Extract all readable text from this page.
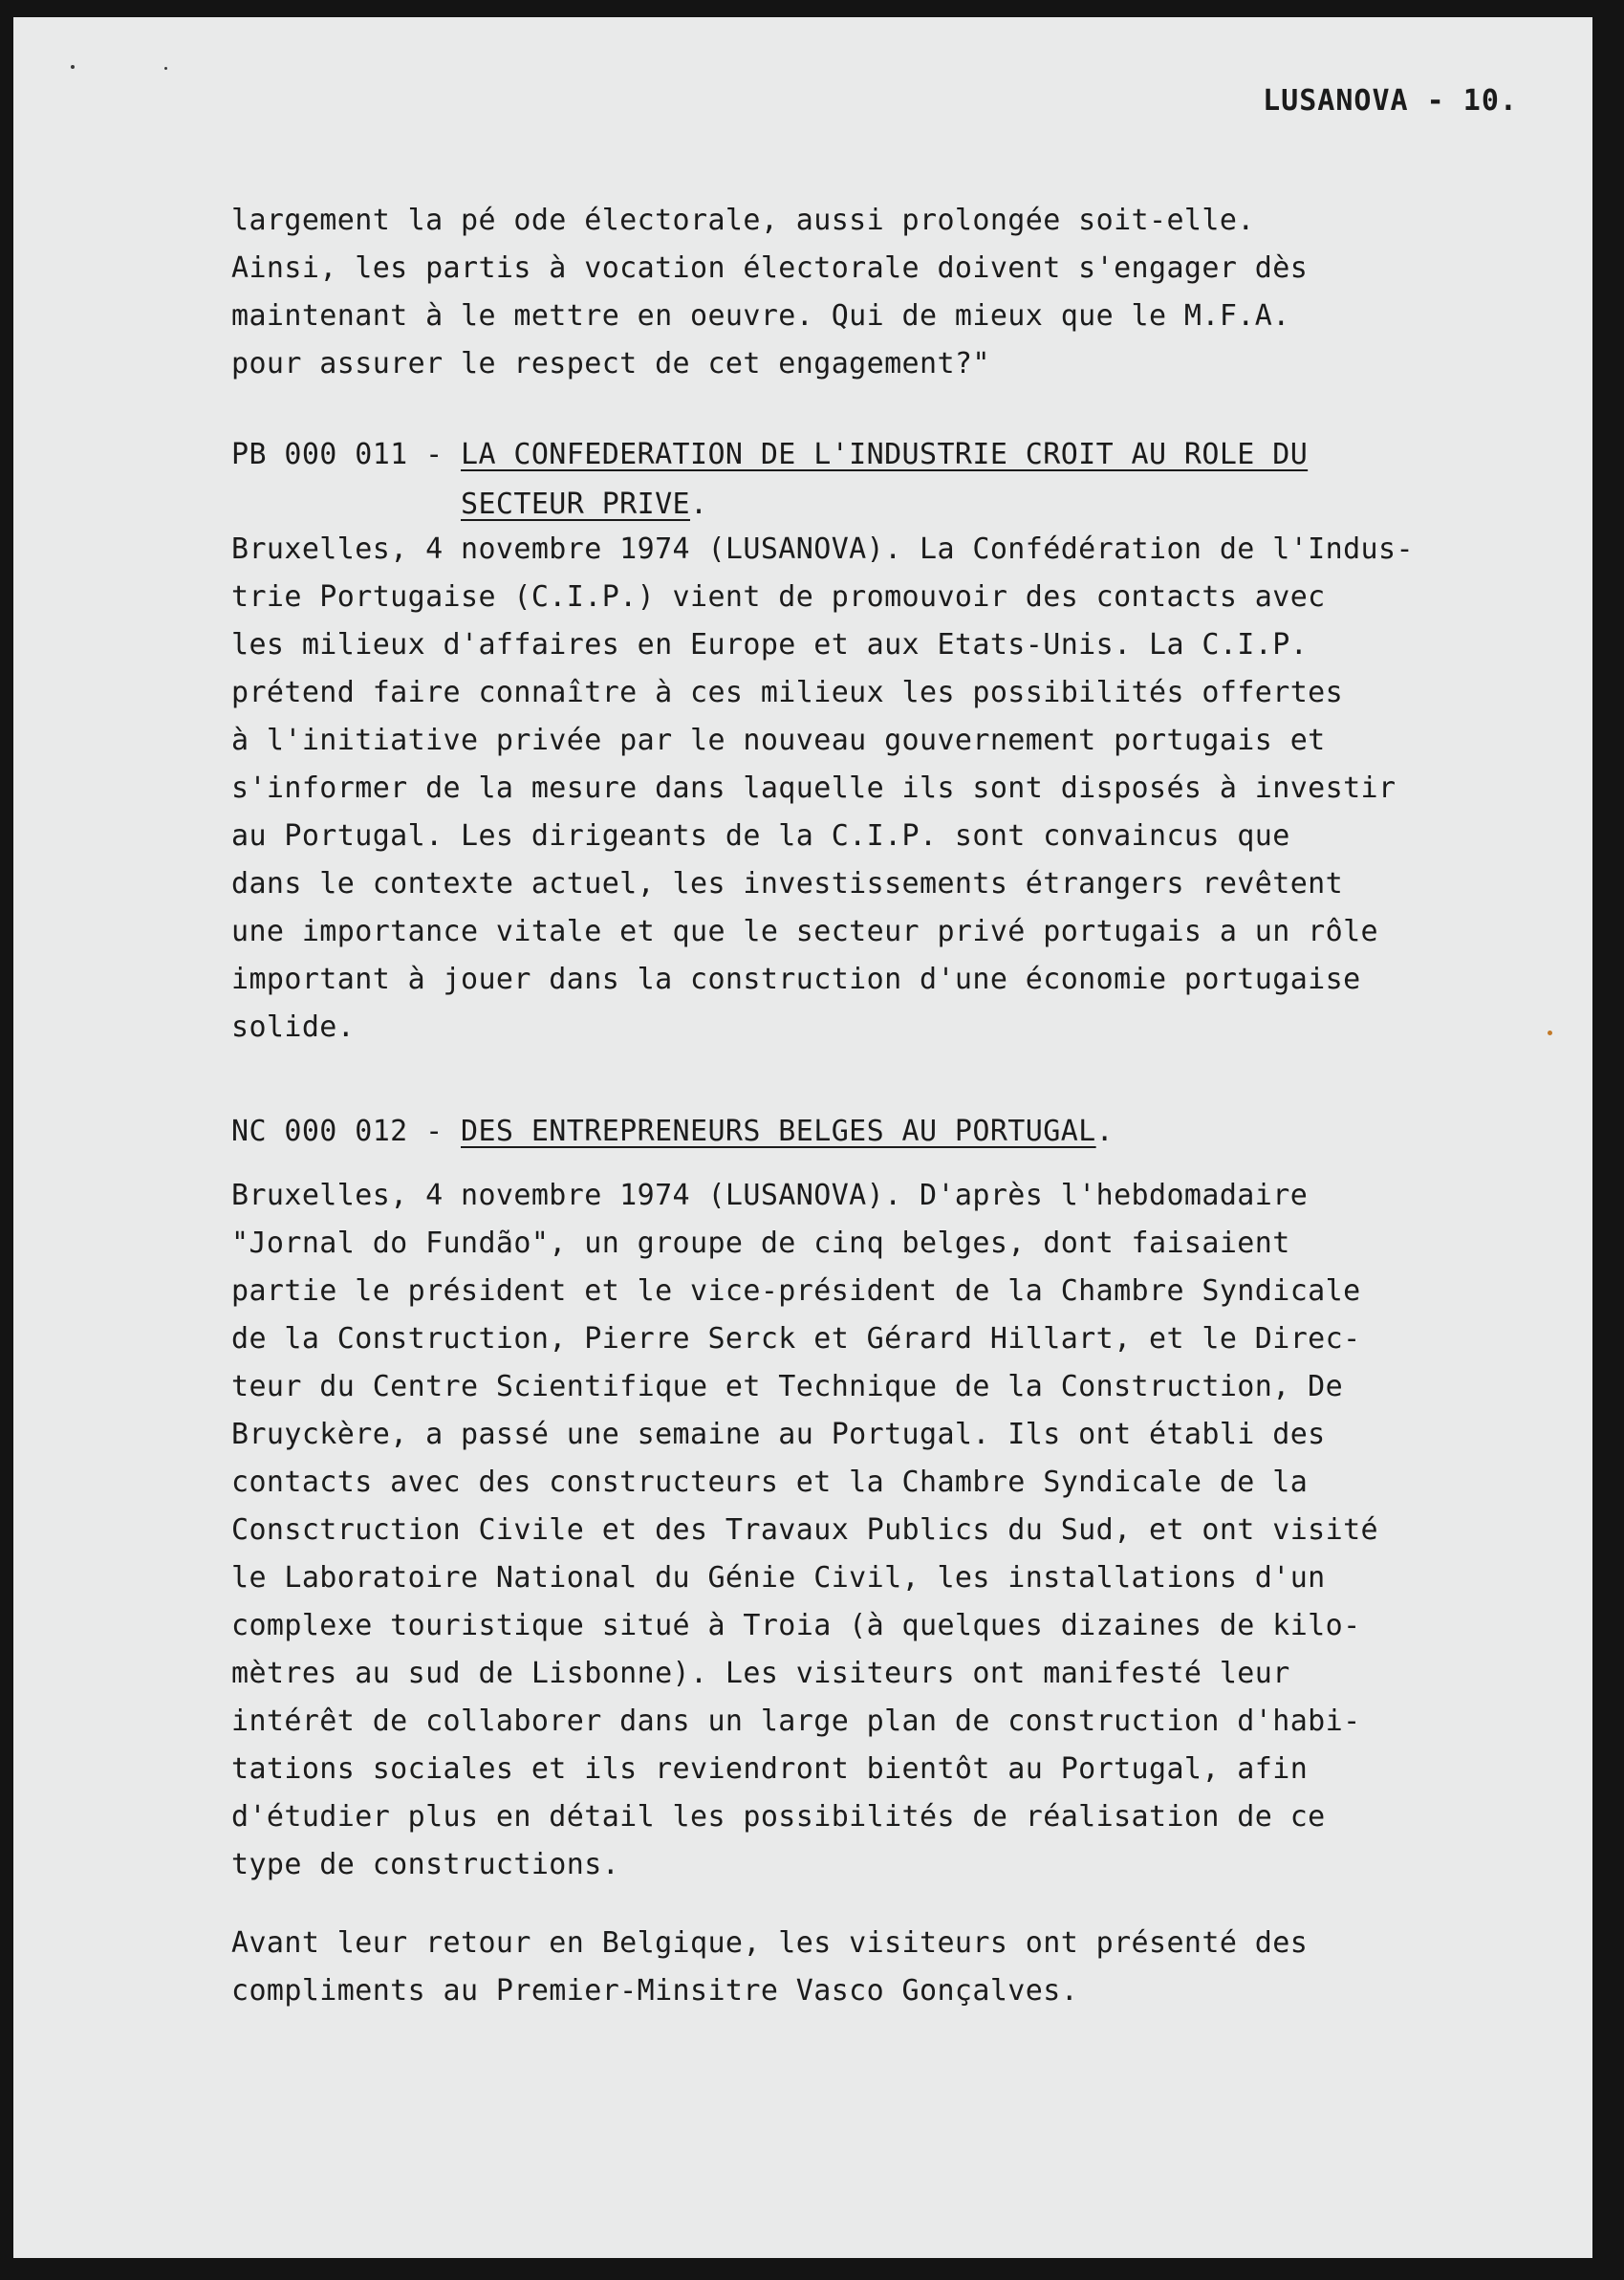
LUSANOVA - 10.
largement la pé ode électorale, aussi prolongée soit-elle.
Ainsi, les partis à vocation électorale doivent s'engager dès
maintenant à le mettre en oeuvre. Qui de mieux que le M.F.A.
pour assurer le respect de cet engagement?"
PB 000 011 - LA CONFEDERATION DE L'INDUSTRIE CROIT AU ROLE DU
SECTEUR PRIVE.
Bruxelles, 4 novembre 1974 (LUSANOVA). La Confédération de l'Indus-
trie Portugaise (C.I.P.) vient de promouvoir des contacts avec
les milieux d'affaires en Europe et aux Etats-Unis. La C.I.P.
prétend faire connaître à ces milieux les possibilités offertes
à l'initiative privée par le nouveau gouvernement portugais et
s'informer de la mesure dans laquelle ils sont disposés à investir
au Portugal. Les dirigeants de la C.I.P. sont convaincus que
dans le contexte actuel, les investissements étrangers revêtent
une importance vitale et que le secteur privé portugais a un rôle
important à jouer dans la construction d'une économie portugaise
solide.
NC 000 012 - DES ENTREPRENEURS BELGES AU PORTUGAL.
Bruxelles, 4 novembre 1974 (LUSANOVA). D'après l'hebdomadaire
"Jornal do Fundão", un groupe de cinq belges, dont faisaient
partie le président et le vice-président de la Chambre Syndicale
de la Construction, Pierre Serck et Gérard Hillart, et le Direc-
teur du Centre Scientifique et Technique de la Construction, De
Bruyckère, a passé une semaine au Portugal. Ils ont établi des
contacts avec des constructeurs et la Chambre Syndicale de la
Consctruction Civile et des Travaux Publics du Sud, et ont visité
le Laboratoire National du Génie Civil, les installations d'un
complexe touristique situé à Troia (à quelques dizaines de kilo-
mètres au sud de Lisbonne). Les visiteurs ont manifesté leur
intérêt de collaborer dans un large plan de construction d'habi-
tations sociales et ils reviendront bientôt au Portugal, afin
d'étudier plus en détail les possibilités de réalisation de ce
type de constructions.
Avant leur retour en Belgique, les visiteurs ont présenté des
compliments au Premier-Minsitre Vasco Gonçalves.
